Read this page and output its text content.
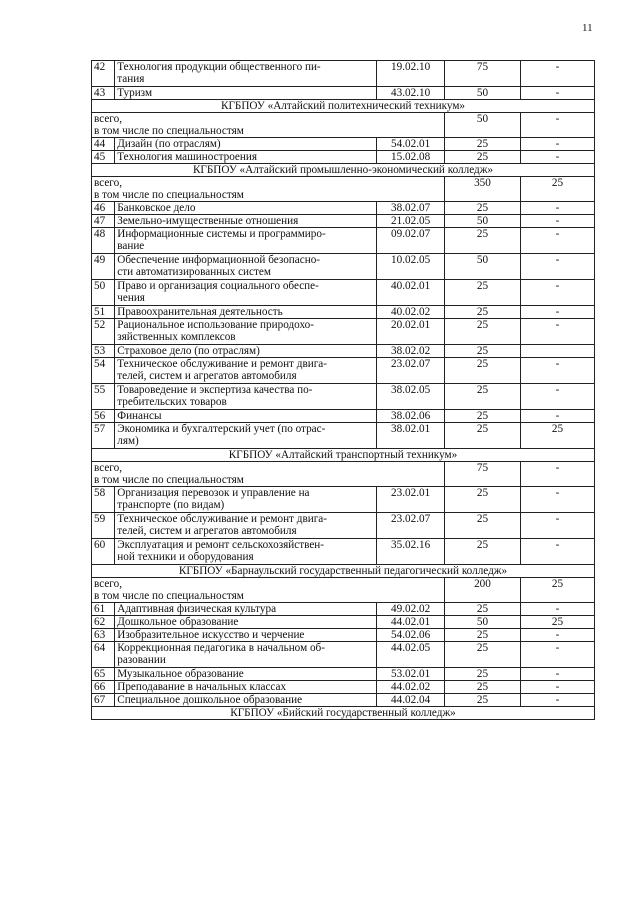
11
42	Технология продукции общественного пи-
тания	19.02.10	75	-
43	Туризм	43.02.10	50	-
КГБПОУ «Алтайский политехнический техникум»				
всего,
в том числе по специальностям			50	-
44	Дизайн (по отраслям)	54.02.01	25	-
45	Технология машиностроения	15.02.08	25	-
КГБПОУ «Алтайский промышленно-экономический колледж»				
всего,
в том числе по специальностям			350	25
46	Банковское дело	38.02.07	25	-
47	Земельно-имущественные отношения	21.02.05	50	-
48	Информационные системы и программиро-
вание	09.02.07	25	-
49	Обеспечение информационной безопасно-
сти автоматизированных систем	10.02.05	50	-
50	Право и организация социального обеспе-
чения	40.02.01	25	-
51	Правоохранительная деятельность	40.02.02	25	-
52	Рациональное использование природохо-
зяйственных комплексов	20.02.01	25	-
53	Страховое дело (по отраслям)	38.02.02	25	
54	Техническое обслуживание и ремонт двига-
телей, систем и агрегатов автомобиля	23.02.07	25	-
55	Товароведение и экспертиза качества по-
требительских товаров	38.02.05	25	-
56	Финансы	38.02.06	25	-
57	Экономика и бухгалтерский учет (по отрас-
лям)	38.02.01	25	25
КГБПОУ «Алтайский транспортный техникум»				
всего,
в том числе по специальностям			75	-
58	Организация перевозок и управление на
транспорте (по видам)	23.02.01	25	-
59	Техническое обслуживание и ремонт двига-
телей, систем и агрегатов автомобиля	23.02.07	25	-
60	Эксплуатация и ремонт сельскохозяйствен-
ной техники и оборудования	35.02.16	25	-
КГБПОУ «Барнаульский государственный педагогический колледж»				
всего,
в том числе по специальностям			200	25
61	Адаптивная физическая культура	49.02.02	25	-
62	Дошкольное образование	44.02.01	50	25
63	Изобразительное искусство и черчение	54.02.06	25	-
64	Коррекционная педагогика в начальном об-
разовании	44.02.05	25	-
65	Музыкальное образование	53.02.01	25	-
66	Преподавание в начальных классах	44.02.02	25	-
67	Специальное дошкольное образование	44.02.04	25	-
КГБПОУ «Бийский государственный колледж»				
